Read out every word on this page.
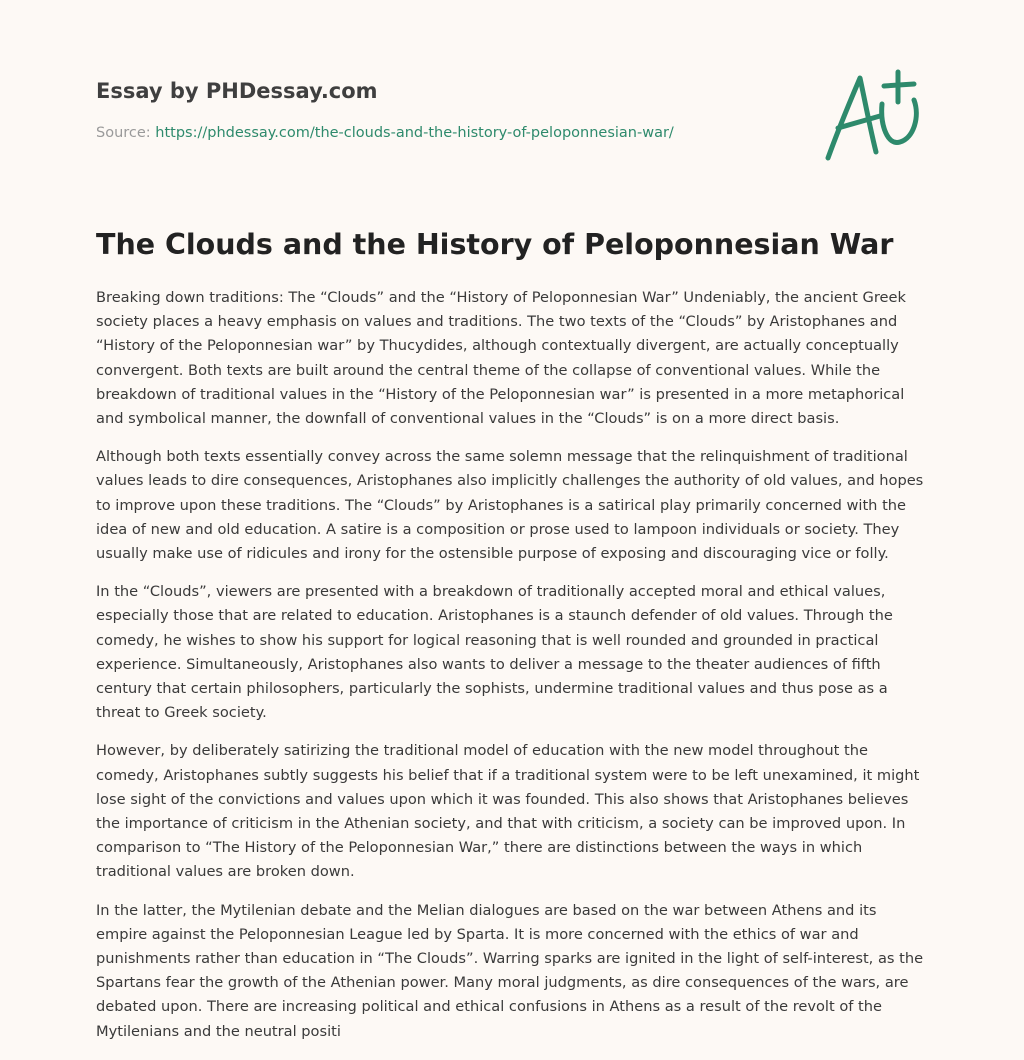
Essay by PHDessay.com
Source: https://phdessay.com/the-clouds-and-the-history-of-peloponnesian-war/
The Clouds and the History of Peloponnesian War

Breaking down traditions: The “Clouds” and the “History of Peloponnesian War” Undeniably, the ancient Greek society places a heavy emphasis on values and traditions. The two texts of the “Clouds” by Aristophanes and “History of the Peloponnesian war” by Thucydides, although contextually divergent, are actually conceptually convergent. Both texts are built around the central theme of the collapse of conventional values. While the breakdown of traditional values in the “History of the Peloponnesian war” is presented in a more metaphorical and symbolical manner, the downfall of conventional values in the “Clouds” is on a more direct basis.

Although both texts essentially convey across the same solemn message that the relinquishment of traditional values leads to dire consequences, Aristophanes also implicitly challenges the authority of old values, and hopes to improve upon these traditions. The “Clouds” by Aristophanes is a satirical play primarily concerned with the idea of new and old education. A satire is a composition or prose used to lampoon individuals or society. They usually make use of ridicules and irony for the ostensible purpose of exposing and discouraging vice or folly.

In the “Clouds”, viewers are presented with a breakdown of traditionally accepted moral and ethical values, especially those that are related to education. Aristophanes is a staunch defender of old values. Through the comedy, he wishes to show his support for logical reasoning that is well rounded and grounded in practical experience. Simultaneously, Aristophanes also wants to deliver a message to the theater audiences of fifth century that certain philosophers, particularly the sophists, undermine traditional values and thus pose as a threat to Greek society.

However, by deliberately satirizing the traditional model of education with the new model throughout the comedy, Aristophanes subtly suggests his belief that if a traditional system were to be left unexamined, it might lose sight of the convictions and values upon which it was founded. This also shows that Aristophanes believes the importance of criticism in the Athenian society, and that with criticism, a society can be improved upon. In comparison to “The History of the Peloponnesian War,” there are distinctions between the ways in which traditional values are broken down.

In the latter, the Mytilenian debate and the Melian dialogues are based on the war between Athens and its empire against the Peloponnesian League led by Sparta. It is more concerned with the ethics of war and punishments rather than education in “The Clouds”. Warring sparks are ignited in the light of self-interest, as the Spartans fear the growth of the Athenian power. Many moral judgments, as dire consequences of the wars, are debated upon. There are increasing political and ethical confusions in Athens as a result of the revolt of the Mytilenians and the neutral positi
